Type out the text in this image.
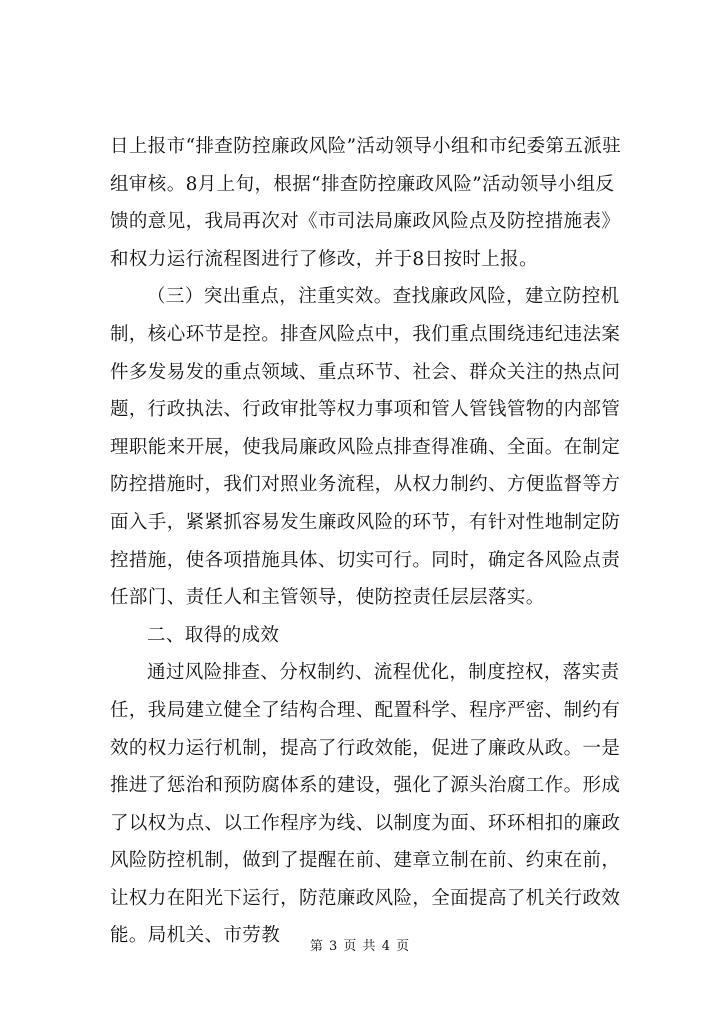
日上报市“排查防控廉政风险”活动领导小组和市纪委第五派驻组审核。8月上旬，根据“排查防控廉政风险”活动领导小组反馈的意见，我局再次对《市司法局廉政风险点及防控措施表》和权力运行流程图进行了修改，并于8日按时上报。

（三）突出重点，注重实效。查找廉政风险，建立防控机制，核心环节是控。排查风险点中，我们重点围绕违纪违法案件多发易发的重点领域、重点环节、社会、群众关注的热点问题，行政执法、行政审批等权力事项和管人管钱管物的内部管理职能来开展，使我局廉政风险点排查得准确、全面。在制定防控措施时，我们对照业务流程，从权力制约、方便监督等方面入手，紧紧抓容易发生廉政风险的环节，有针对性地制定防控措施，使各项措施具体、切实可行。同时，确定各风险点责任部门、责任人和主管领导，使防控责任层层落实。

二、取得的成效

通过风险排查、分权制约、流程优化，制度控权，落实责任，我局建立健全了结构合理、配置科学、程序严密、制约有效的权力运行机制，提高了行政效能，促进了廉政从政。一是推进了惩治和预防腐体系的建设，强化了源头治腐工作。形成了以权为点、以工作程序为线、以制度为面、环环相扣的廉政风险防控机制，做到了提醒在前、建章立制在前、约束在前，让权力在阳光下运行，防范廉政风险，全面提高了机关行政效能。局机关、市劳教

第 3 页 共 4 页
